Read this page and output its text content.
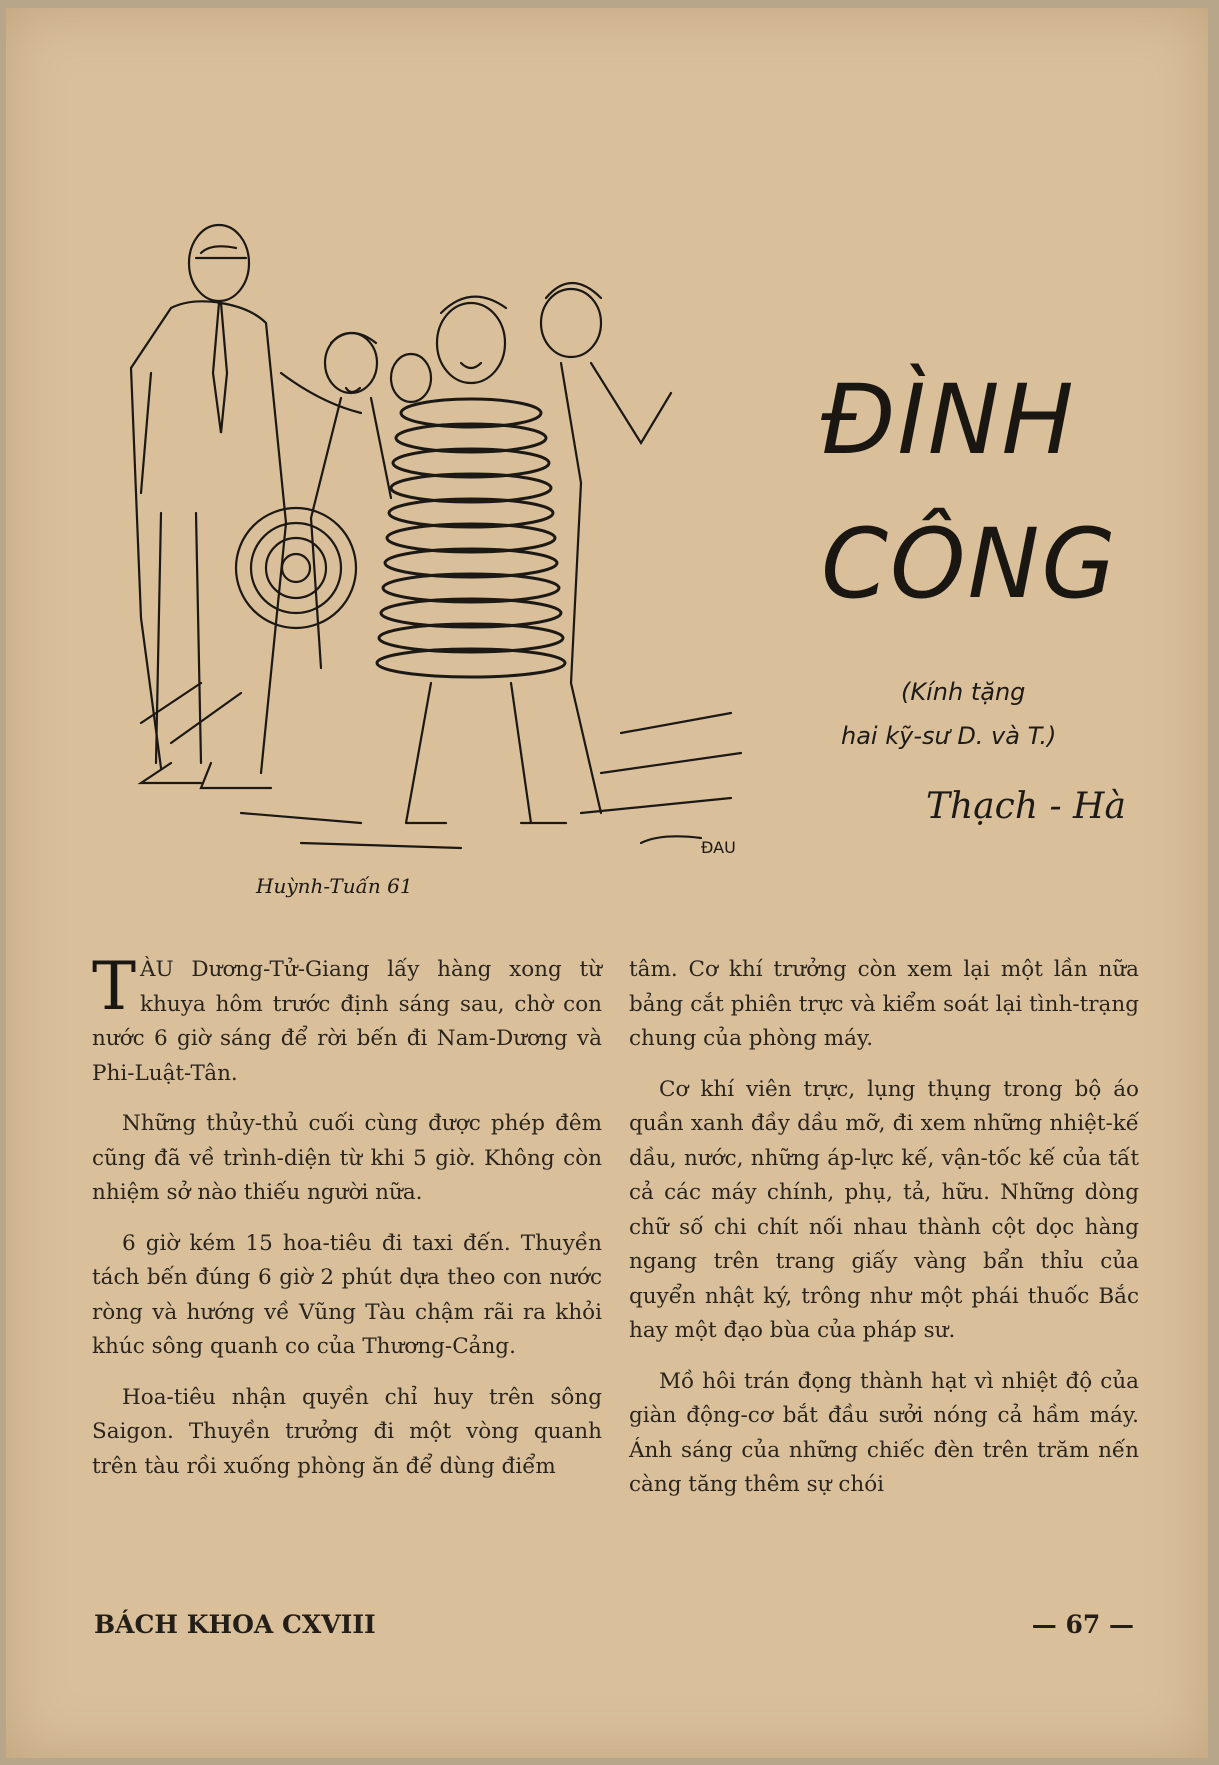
ĐAU
Huỳnh-Tuấn 61
ĐÌNH
CÔNG
(Kính tặng
hai kỹ-sư D. và T.)
Thạch - Hà

TÀU Dương-Tử-Giang lấy hàng xong từ khuya hôm trước định sáng sau, chờ con nước 6 giờ sáng để rời bến đi Nam-Dương và Phi-Luật-Tân.

Những thủy-thủ cuối cùng được phép đêm cũng đã về trình-diện từ khi 5 giờ. Không còn nhiệm sở nào thiếu người nữa.

6 giờ kém 15 hoa-tiêu đi taxi đến. Thuyền tách bến đúng 6 giờ 2 phút dựa theo con nước ròng và hướng về Vũng Tàu chậm rãi ra khỏi khúc sông quanh co của Thương-Cảng.

Hoa-tiêu nhận quyền chỉ huy trên sông Saigon. Thuyền trưởng đi một vòng quanh trên tàu rồi xuống phòng ăn để dùng điểm

tâm. Cơ khí trưởng còn xem lại một lần nữa bảng cắt phiên trực và kiểm soát lại tình-trạng chung của phòng máy.

Cơ khí viên trực, lụng thụng trong bộ áo quần xanh đầy dầu mỡ, đi xem những nhiệt-kế dầu, nước, những áp-lực kế, vận-tốc kế của tất cả các máy chính, phụ, tả, hữu. Những dòng chữ số chi chít nối nhau thành cột dọc hàng ngang trên trang giấy vàng bẩn thỉu của quyển nhật ký, trông như một phái thuốc Bắc hay một đạo bùa của pháp sư.

Mồ hôi trán đọng thành hạt vì nhiệt độ của giàn động-cơ bắt đầu sưởi nóng cả hầm máy. Ánh sáng của những chiếc đèn trên trăm nến càng tăng thêm sự chói

BÁCH KHOA CXVIII	— 67 —
